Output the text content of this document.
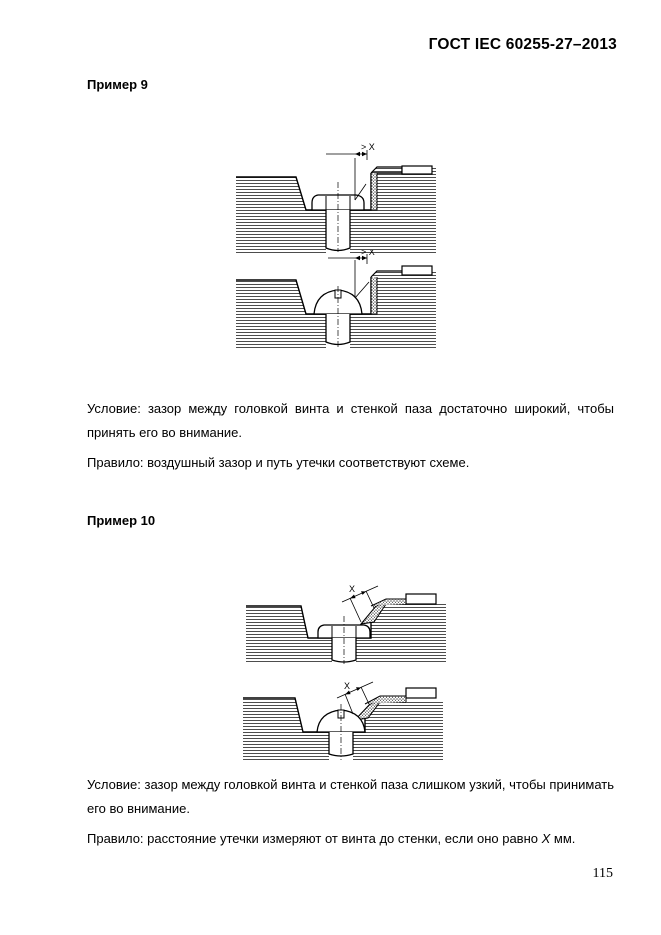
ГОСТ IEC 60255-27–2013
Пример 9
> X
> X
Условие: зазор между головкой винта и стенкой паза достаточно широкий, чтобы принять его во внимание.
Правило: воздушный зазор и путь утечки соответствуют схеме.
Пример 10
X
X
Условие: зазор между головкой винта и стенкой паза слишком узкий, чтобы принимать его во внимание.
Правило: расстояние утечки измеряют от винта до стенки, если оно равно X мм.
115
